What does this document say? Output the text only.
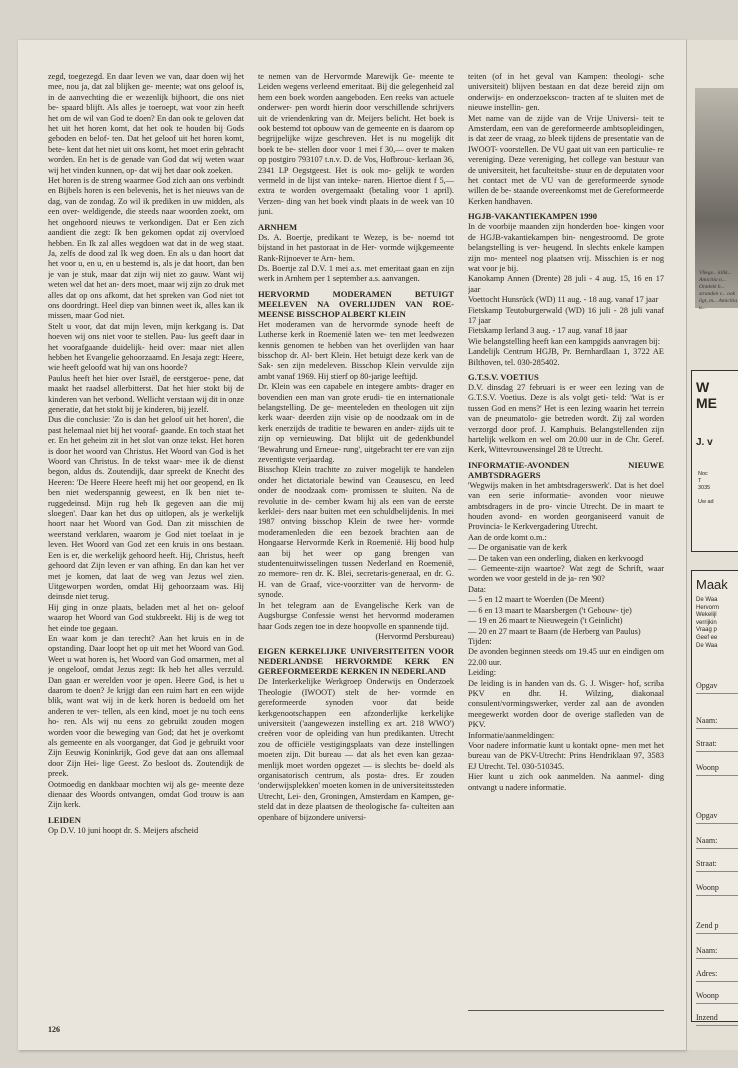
zegd, toegezegd. En daar leven we van, daar doen wij het mee, nou ja, dat zal blijken ge- meente; wat ons geloof is, in de aanvechting die er wezenlijk bijhoort, die ons niet be- spaard blijft. Als alles je toeroept, wat voor zin heeft het om de wil van God te doen? En dan ook te geloven dat het uit het horen komt, dat het ook te houden bij Gods geboden en belof- ten. Dat het geloof uit het horen komt, bete- kent dat het niet uit ons komt, het moet erin gebracht worden. En het is de genade van God dat wij weten waar wij het vinden kunnen, op- dat wij het daar ook zoeken.

Het horen is de streng waarmee God zich aan ons verbindt en Bijbels horen is een belevenis, het is het nieuws van de dag, van de zondag. Zo wil ik prediken in uw midden, als een over- weldigende, die steeds naar woorden zoekt, om het ongehoord nieuws te verkondigen. Dat er Een zich aandient die zegt: Ik ben gekomen opdat zij overvloed hebben. En Ik zal alles wegdoen wat dat in de weg staat. Ja, zelfs de dood zal Ik weg doen. En als u dan hoort dat het voor u, en u, en u bestemd is, als je dat hoort, dan ben je van je stuk, maar dat zijn wij niet zo gauw. Want wij weten wel dat het an- ders moet, maar wij zijn zo druk met alles dat op ons afkomt, dat het spreken van God niet tot ons doordringt. Heel diep van binnen weet ik, alles kan ik missen, maar God niet.

Stelt u voor, dat dat mijn leven, mijn kerkgang is. Dat hoeven wij ons niet voor te stellen. Pau- lus geeft daar in het voorafgaande duidelijk- heid over: maar niet allen hebben het Evangelie gehoorzaamd. En Jesaja zegt: Heere, wie heeft geloofd wat hij van ons hoorde?

Paulus heeft het hier over Israël, de eerstgeroe- pene, dat maakt het raadsel allerbitterst. Dat het hier stokt bij de kinderen van het verbond. Wellicht verstaan wij dit in onze generatie, dat het stokt bij je kinderen, bij jezelf.

Dus die conclusie: 'Zo is dan het geloof uit het horen', die past helemaal niet bij het vooraf- gaande. En toch staat het er. En het geheim zit in het slot van onze tekst. Het horen is door het woord van Christus. Het Woord van God is het Woord van Christus. In de tekst waar- mee ik de dienst begon, aldus ds. Zoutendijk, daar spreekt de Knecht des Heeren: 'De Heere Heere heeft mij het oor geopend, en Ik ben niet wederspannig geweest, en Ik ben niet te- ruggedeinsd. Mijn rug heb Ik gegeven aan die mij sloegen'. Daar kan het dus op uitlopen, als je werkelijk hoort naar het Woord van God. Dan zit misschien de weerstand verklaren, waarom je God niet toelaat in je leven. Het Woord van God zet een kruis in ons bestaan. Een is er, die werkelijk gehoord heeft. Hij, Christus, heeft gehoord dat Zijn leven er van afhing. En dan kan het ver met je komen, dat laat de weg van Jezus wel zien. Uitgeworpen worden, omdat Hij gehoorzaam was. Hij deinsde niet terug.

Hij ging in onze plaats, beladen met al het on- geloof waarop het Woord van God stukbreekt. Hij is de weg tot het einde toe gegaan.

En waar kom je dan terecht? Aan het kruis en in de opstanding. Daar loopt het op uit met het Woord van God. Weet u wat horen is, het Woord van God omarmen, met al je ongeloof, omdat Jezus zegt: Ik heb het alles verzuld. Dan gaan er werelden voor je open. Heere God, is het u daarom te doen? Je krijgt dan een ruim hart en een wijde blik, want wat wij in de kerk horen is bedoeld om het anderen te ver- tellen, als een kind, moet je nu toch eens ho- ren. Als wij nu eens zo gebruikt zouden mogen worden voor die beweging van God; dat het je overkomt als gemeente en als voorganger, dat God je gebruikt voor Zijn Eeuwig Koninkrijk, God geve dat aan ons allemaal door Zijn Hei- lige Geest. Zo besloot ds. Zoutendijk de preek.

Ootmoedig en dankbaar mochten wij als ge- meente deze dienaar des Woords ontvangen, omdat God trouw is aan Zijn kerk.

LEIDEN

Op D.V. 10 juni hoopt dr. S. Meijers afscheid

te nemen van de Hervormde Marewijk Ge- meente te Leiden wegens verleend emeritaat. Bij die gelegenheid zal hem een boek worden aangeboden. Een reeks van actuele onderwer- pen wordt hierin door verschillende schrijvers uit de vriendenkring van dr. Meijers belicht. Het boek is ook bestemd tot opbouw van de gemeente en is daarom op begrijpelijke wijze geschreven. Het is nu mogelijk dit boek te be- stellen door voor 1 mei f 30,— over te maken op postgiro 793107 t.n.v. D. de Vos, Hofbrouc- kerlaan 36, 2341 LP Oegstgeest. Het is ook mo- gelijk te worden vermeld in de lijst van inteke- naren. Hiertoe dient f 5,— extra te worden overgemaakt (betaling voor 1 april). Verzen- ding van het boek vindt plaats in de week van 10 juni.

ARNHEM

Ds. A. Boertje, predikant te Wezep, is be- noemd tot bijstand in het pastoraat in de Her- vormde wijkgemeente Rank-Rijnoever te Arn- hem.

Ds. Boertje zal D.V. 1 mei a.s. met emeritaat gaan en zijn werk in Arnhem per 1 september a.s. aanvangen.

HERVORMD MODERAMEN BETUIGT MEELEVEN NA OVERLIJDEN VAN ROE- MEENSE BISSCHOP ALBERT KLEIN

Het moderamen van de hervormde synode heeft de Lutherse kerk in Roemenië laten we- ten met leedwezen kennis genomen te hebben van het overlijden van haar bisschop dr. Al- bert Klein. Het betuigt deze kerk van de Sak- sen zijn medeleven. Bisschop Klein vervulde zijn ambt vanaf 1969. Hij stierf op 80-jarige leeftijd.

Dr. Klein was een capabele en integere ambts- drager en bovendien een man van grote erudi- tie en internationale belangstelling. De ge- meenteleden en theologen uit zijn kerk waar- deerden zijn visie op de noodzaak om in de kerk enerzijds de traditie te bewaren en ander- zijds uit te zijn op vernieuwing. Dat blijkt uit de gedenkbundel 'Bewahrung und Erneue- rung', uitgebracht ter ere van zijn zeventigste verjaardag.

Bisschop Klein trachtte zo zuiver mogelijk te handelen onder het dictatoriale bewind van Ceausescu, en leed onder de noodzaak com- promissen te sluiten. Na de revolutie in de- cember kwam hij als een van de eerste kerklei- ders naar buiten met een schuldbelijdenis. In mei 1987 ontving bisschop Klein de twee her- vormde moderamenleden die een bezoek brachten aan de Hongaarse Hervormde Kerk in Roemenië. Hij bood hulp aan bij het weer op gang brengen van studentenuitwisselingen tussen Nederland en Roemenië, zo memore- ren dr. K. Blei, secretaris-generaal, en dr. G. H. van de Graaf, vice-voorzitter van de hervorm- de synode.

In het telegram aan de Evangelische Kerk van de Augsburgse Confessie wenst het hervormd moderamen haar Gods zegen toe in deze hoopvolle en spannende tijd.

(Hervormd Persbureau)

EIGEN KERKELIJKE UNIVERSITEITEN VOOR NEDERLANDSE HERVORMDE KERK EN GEREFORMEERDE KERKEN IN NEDERLAND

De Interkerkelijke Werkgroep Onderwijs en Onderzoek Theologie (IWOOT) stelt de her- vormde en gereformeerde synoden voor dat beide kerkgenootschappen een afzonderlijke kerkelijke universiteit ('aangewezen instelling ex art. 218 WWO') creëren voor de opleiding van hun predikanten. Utrecht zou de officiële vestigingsplaats van deze instellingen moeten zijn. Dit bureau — dat als het even kan gezaa- menlijk moet worden opgezet — is slechts be- doeld als organisatorisch centrum, als posta- dres. Er zouden 'onderwijsplekken' moeten komen in de universiteitssteden Utrecht, Lei- den, Groningen, Amsterdam en Kampen, ge- steld dat in deze plaatsen de theologische fa- culteiten aan openbare of bijzondere universi-

teiten (of in het geval van Kampen: theologi- sche universiteit) blijven bestaan en dat deze bereid zijn om onderwijs- en onderzoekscon- tracten af te sluiten met de nieuwe instellin- gen.

Met name van de zijde van de Vrije Universi- teit te Amsterdam, een van de gereformeerde ambtsopleidingen, is dat zeer de vraag, zo bleek tijdens de presentatie van de IWOOT- voorstellen. De VU gaat uit van een particulie- re vereniging. Deze vereniging, het college van bestuur van de universiteit, het faculteitsbe- stuur en de deputaten voor het contact met de VU van de gereformeerde synode willen de be- staande overeenkomst met de Gereformeerde Kerken handhaven.

HGJB-VAKANTIEKAMPEN 1990

In de voorbije maanden zijn honderden boe- kingen voor de HGJB-vakantiekampen bin- nengestroomd. De grote belangstelling is ver- heugend. In slechts enkele kampen zijn mo- menteel nog plaatsen vrij. Misschien is er nog wat voor je bij.

Kanokamp Annen (Drente) 28 juli - 4 aug. 15, 16 en 17 jaar

Voettocht Hunsrück (WD) 11 aug. - 18 aug. vanaf 17 jaar

Fietskamp Teutoburgerwald (WD) 16 juli - 28 juli vanaf 17 jaar

Fietskamp Ierland 3 aug. - 17 aug. vanaf 18 jaar

Wie belangstelling heeft kan een kampgids aanvragen bij:

Landelijk Centrum HGJB, Pr. Bernhardlaan 1, 3722 AE Bilthoven, tel. 030-285402.

G.T.S.V. VOETIUS

D.V. dinsdag 27 februari is er weer een lezing van de G.T.S.V. Voetius. Deze is als volgt geti- teld: 'Wat is er tussen God en mens?' Het is een lezing waarin het terrein van de pneumatolo- gie betreden wordt. Zij zal worden verzorgd door prof. J. Kamphuis. Belangstellenden zijn hartelijk welkom en wel om 20.00 uur in de Chr. Geref. Kerk, Wittevrouwensingel 28 te Utrecht.

INFORMATIE-AVONDEN NIEUWE AMBTSDRAGERS

'Wegwijs maken in het ambtsdragerswerk'. Dat is het doel van een serie informatie- avonden voor nieuwe ambtsdragers in de pro- vincie Utrecht. De in maart te houden avond- en worden georganiseerd vanuit de Provincia- le Kerkvergadering Utrecht.

Aan de orde komt o.m.:

— De organisatie van de kerk

— De taken van een onderling, diaken en kerkvoogd

— Gemeente-zijn waartoe? Wat zegt de Schrift, waar worden we voor gesteld in de ja- ren '90?

Data:

— 5 en 12 maart te Woerden (De Meent)

— 6 en 13 maart te Maarsbergen ('t Gebouw- tje)

— 19 en 26 maart te Nieuwegein ('t Geinlicht)

— 20 en 27 maart te Baarn (de Herberg van Paulus)

Tijden:

De avonden beginnen steeds om 19.45 uur en eindigen om 22.00 uur.

Leiding:

De leiding is in handen van ds. G. J. Wisger- hof, scriba PKV en dhr. H. Wilzing, diakonaal consulent/vormingswerker, verder zal aan de avonden meegewerkt worden door de overige stafleden van de PKV.

Informatie/aanmeldingen:

Voor nadere informatie kunt u kontakt opne- men met het bureau van de PKV-Utrecht: Prins Hendriklaan 97, 3583 EJ Utrecht. Tel. 030-510345.

Hier kunt u zich ook aanmelden. Na aanmel- ding ontvangt u nadere informatie.

126
Vliegv... kilik... Amicitia n... Ontdekt b... stranden v... ook ligt, m... Amicitia u...
W
ME
J. v
Noc
T
3035

Uw ad
Maak
De Waa
Hervorm
Wekelijl
verrijkin
Vraag p
Geef ee
De Waa
Opgav
Naam:
Straat:
Woonp
Opgav
Naam:
Straat:
Woonp
Zend p
Naam:
Adres:
Woonp
Inzend
